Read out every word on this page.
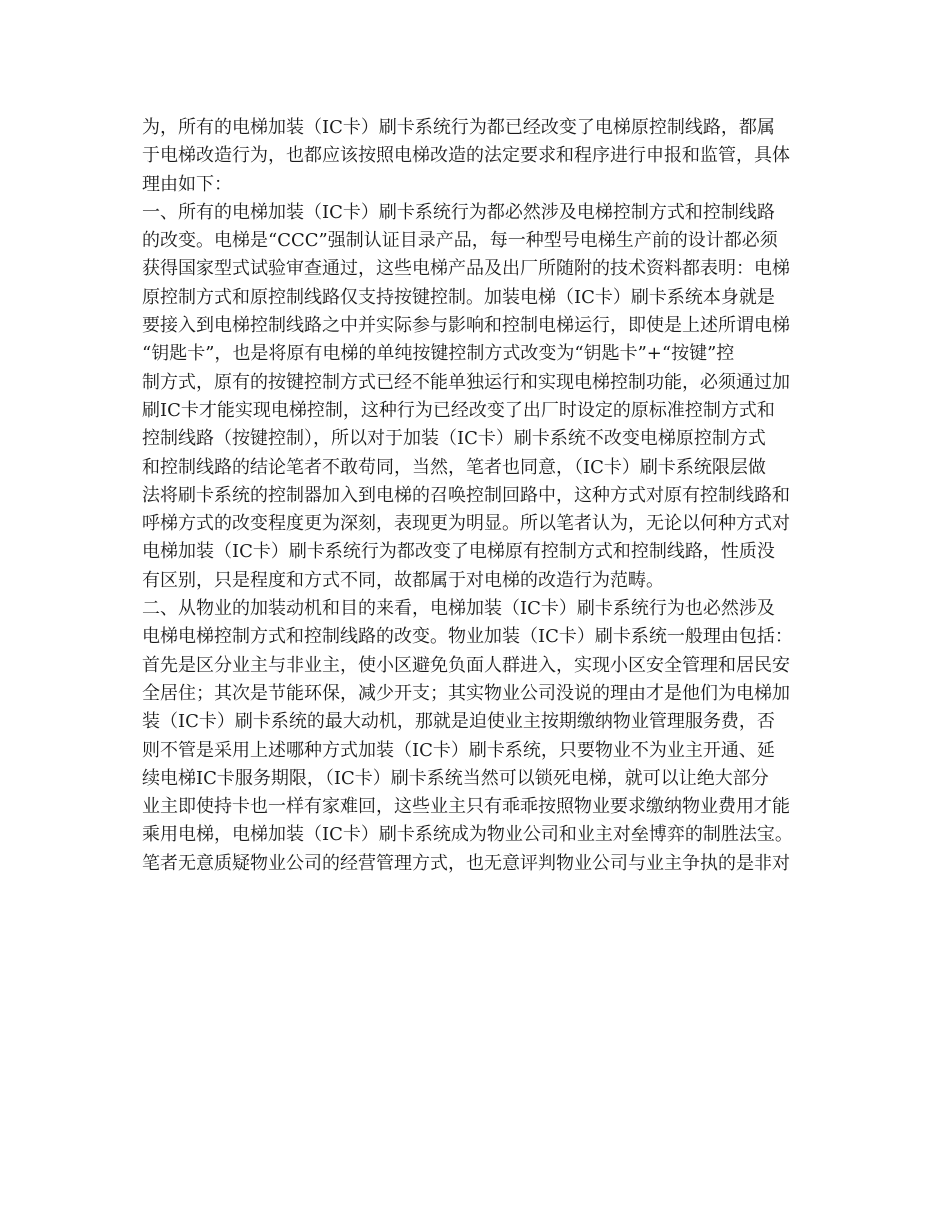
为，所有的电梯加装（IC卡）刷卡系统行为都已经改变了电梯原控制线路，都属
于电梯改造行为，也都应该按照电梯改造的法定要求和程序进行申报和监管，具体
理由如下：
一、所有的电梯加装（IC卡）刷卡系统行为都必然涉及电梯控制方式和控制线路
的改变。电梯是“CCC”强制认证目录产品，每一种型号电梯生产前的设计都必须
获得国家型式试验审查通过，这些电梯产品及出厂所随附的技术资料都表明：电梯
原控制方式和原控制线路仅支持按键控制。加装电梯（IC卡）刷卡系统本身就是
要接入到电梯控制线路之中并实际参与影响和控制电梯运行，即使是上述所谓电梯
“钥匙卡”，也是将原有电梯的单纯按键控制方式改变为“钥匙卡”+“按键”控
制方式，原有的按键控制方式已经不能单独运行和实现电梯控制功能，必须通过加
刷IC卡才能实现电梯控制，这种行为已经改变了出厂时设定的原标准控制方式和
控制线路（按键控制），所以对于加装（IC卡）刷卡系统不改变电梯原控制方式
和控制线路的结论笔者不敢苟同，当然，笔者也同意，（IC卡）刷卡系统限层做
法将刷卡系统的控制器加入到电梯的召唤控制回路中，这种方式对原有控制线路和
呼梯方式的改变程度更为深刻，表现更为明显。所以笔者认为，无论以何种方式对
电梯加装（IC卡）刷卡系统行为都改变了电梯原有控制方式和控制线路，性质没
有区别，只是程度和方式不同，故都属于对电梯的改造行为范畴。
二、从物业的加装动机和目的来看，电梯加装（IC卡）刷卡系统行为也必然涉及
电梯电梯控制方式和控制线路的改变。物业加装（IC卡）刷卡系统一般理由包括：
首先是区分业主与非业主，使小区避免负面人群进入，实现小区安全管理和居民安
全居住；其次是节能环保，减少开支；其实物业公司没说的理由才是他们为电梯加
装（IC卡）刷卡系统的最大动机，那就是迫使业主按期缴纳物业管理服务费，否
则不管是采用上述哪种方式加装（IC卡）刷卡系统，只要物业不为业主开通、延
续电梯IC卡服务期限，（IC卡）刷卡系统当然可以锁死电梯，就可以让绝大部分
业主即使持卡也一样有家难回，这些业主只有乖乖按照物业要求缴纳物业费用才能
乘用电梯，电梯加装（IC卡）刷卡系统成为物业公司和业主对垒博弈的制胜法宝。
笔者无意质疑物业公司的经营管理方式，也无意评判物业公司与业主争执的是非对
